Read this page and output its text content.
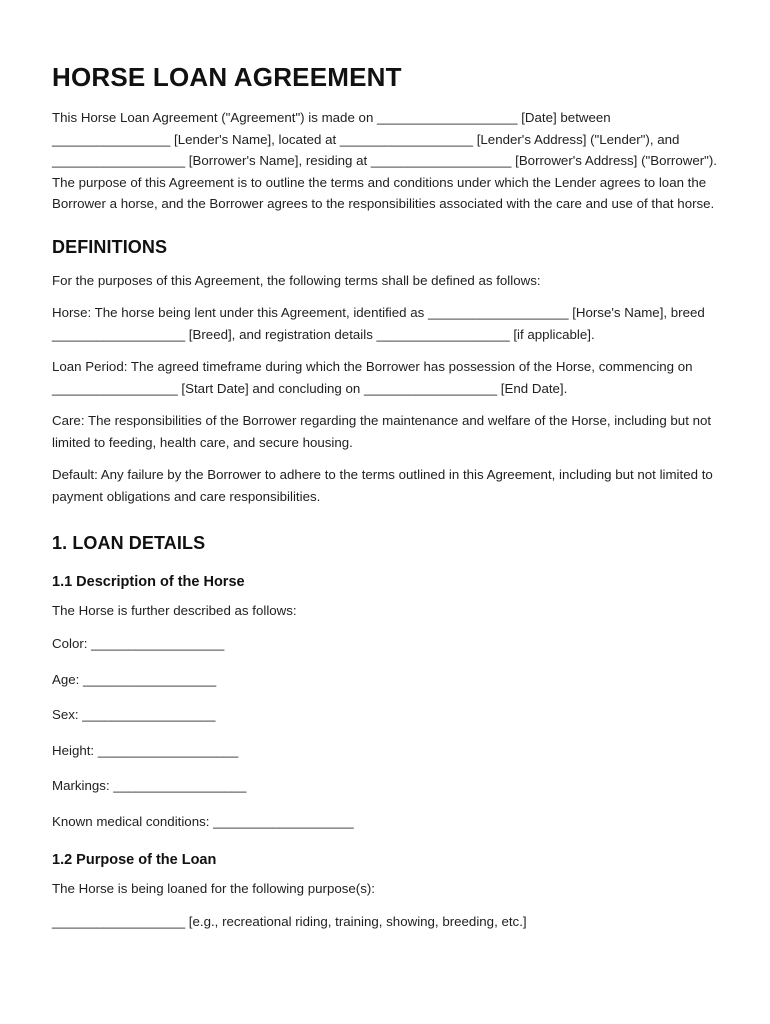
HORSE LOAN AGREEMENT

This Horse Loan Agreement ("Agreement") is made on ___________________ [Date] between ________________ [Lender's Name], located at __________________ [Lender's Address] ("Lender"), and __________________ [Borrower's Name], residing at ___________________ [Borrower's Address] ("Borrower"). The purpose of this Agreement is to outline the terms and conditions under which the Lender agrees to loan the Borrower a horse, and the Borrower agrees to the responsibilities associated with the care and use of that horse.

DEFINITIONS

For the purposes of this Agreement, the following terms shall be defined as follows:

Horse: The horse being lent under this Agreement, identified as ___________________ [Horse's Name], breed __________________ [Breed], and registration details __________________ [if applicable].

Loan Period: The agreed timeframe during which the Borrower has possession of the Horse, commencing on _________________ [Start Date] and concluding on __________________ [End Date].

Care: The responsibilities of the Borrower regarding the maintenance and welfare of the Horse, including but not limited to feeding, health care, and secure housing.

Default: Any failure by the Borrower to adhere to the terms outlined in this Agreement, including but not limited to payment obligations and care responsibilities.

1. LOAN DETAILS
1.1 Description of the Horse

The Horse is further described as follows:

Color: __________________

Age: __________________

Sex: __________________

Height: ___________________

Markings: __________________

Known medical conditions: ___________________

1.2 Purpose of the Loan

The Horse is being loaned for the following purpose(s):

__________________ [e.g., recreational riding, training, showing, breeding, etc.]
